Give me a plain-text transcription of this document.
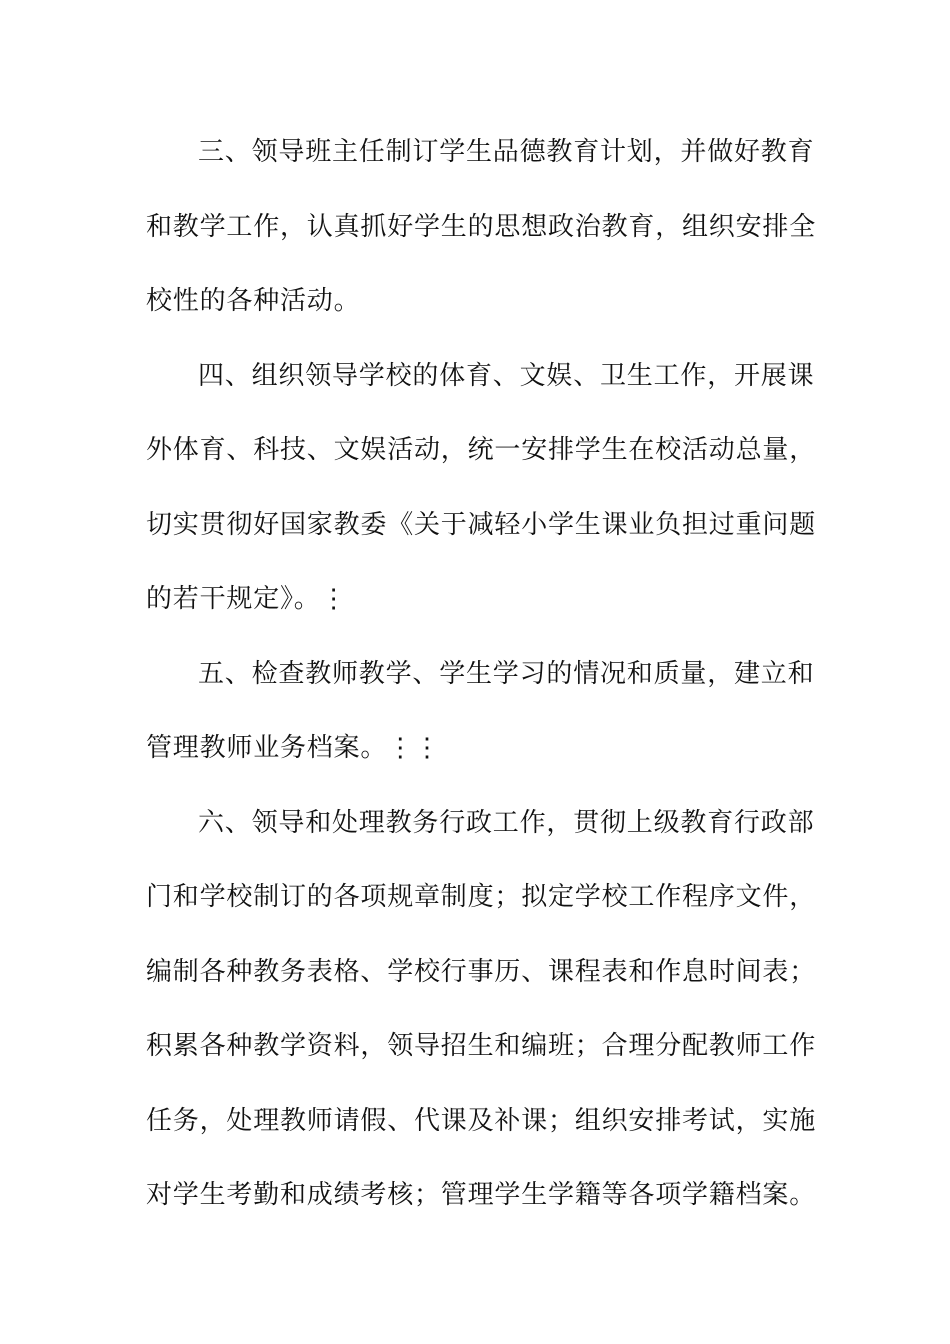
三、领导班主任制订学生品德教育计划，并做好教育
和教学工作，认真抓好学生的思想政治教育，组织安排全
校性的各种活动。
四、组织领导学校的体育、文娱、卫生工作，开展课
外体育、科技、文娱活动，统一安排学生在校活动总量，
切实贯彻好国家教委《关于减轻小学生课业负担过重问题
的若干规定》。⋮
五、检查教师教学、学生学习的情况和质量，建立和
管理教师业务档案。⋮⋮
六、领导和处理教务行政工作，贯彻上级教育行政部
门和学校制订的各项规章制度；拟定学校工作程序文件，
编制各种教务表格、学校行事历、课程表和作息时间表；
积累各种教学资料，领导招生和编班；合理分配教师工作
任务，处理教师请假、代课及补课；组织安排考试，实施
对学生考勤和成绩考核；管理学生学籍等各项学籍档案。
